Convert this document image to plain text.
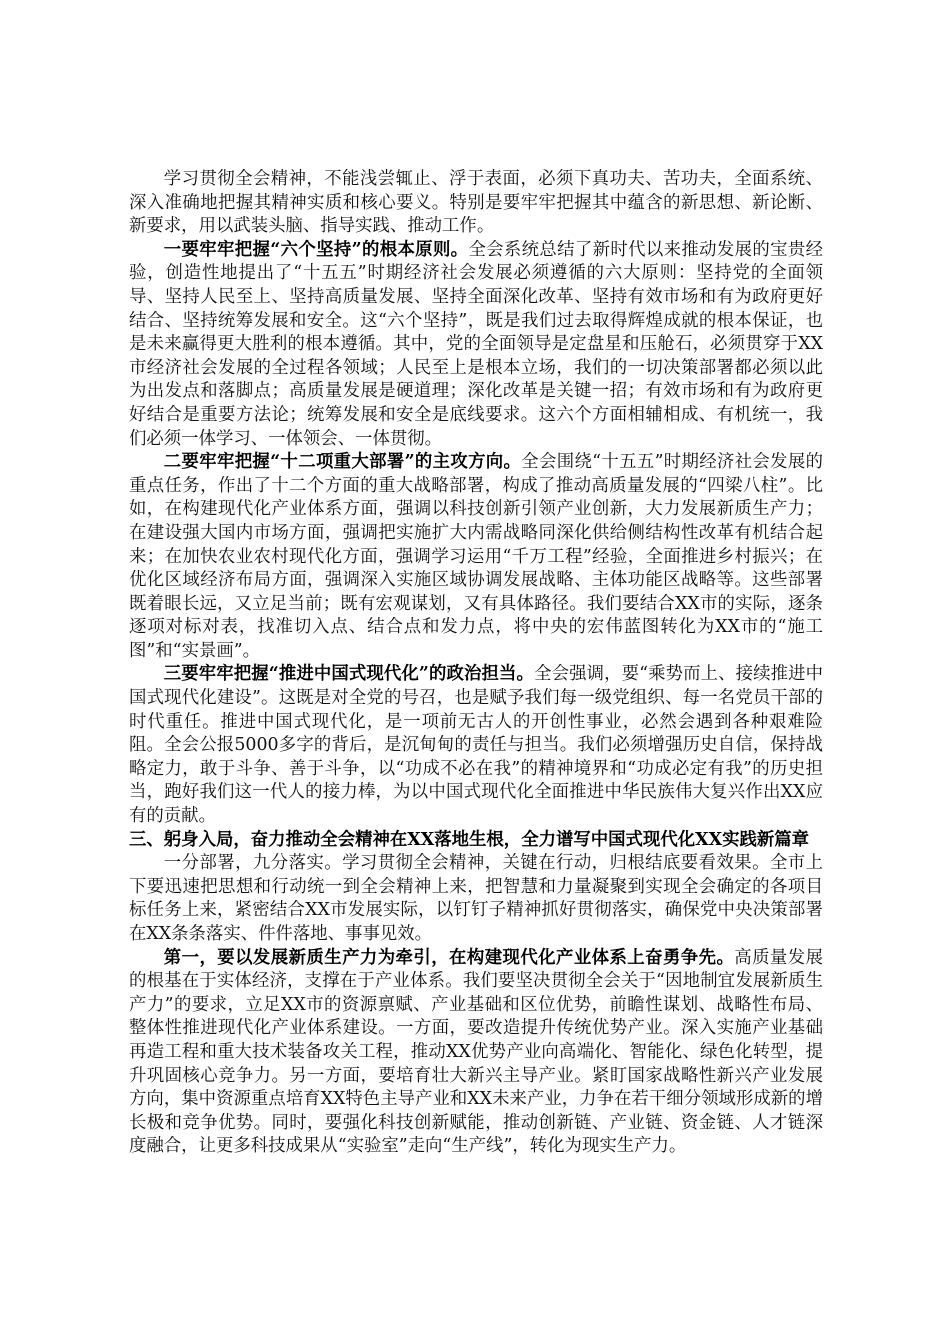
学习贯彻全会精神，不能浅尝辄止、浮于表面，必须下真功夫、苦功夫，全面系统、深入准确地把握其精神实质和核心要义。特别是要牢牢把握其中蕴含的新思想、新论断、新要求，用以武装头脑、指导实践、推动工作。

一要牢牢把握“六个坚持”的根本原则。全会系统总结了新时代以来推动发展的宝贵经验，创造性地提出了“十五五”时期经济社会发展必须遵循的六大原则：坚持党的全面领导、坚持人民至上、坚持高质量发展、坚持全面深化改革、坚持有效市场和有为政府更好结合、坚持统筹发展和安全。这“六个坚持”，既是我们过去取得辉煌成就的根本保证，也是未来赢得更大胜利的根本遵循。其中，党的全面领导是定盘星和压舱石，必须贯穿于XX市经济社会发展的全过程各领域；人民至上是根本立场，我们的一切决策部署都必须以此为出发点和落脚点；高质量发展是硬道理；深化改革是关键一招；有效市场和有为政府更好结合是重要方法论；统筹发展和安全是底线要求。这六个方面相辅相成、有机统一，我们必须一体学习、一体领会、一体贯彻。

二要牢牢把握“十二项重大部署”的主攻方向。全会围绕“十五五”时期经济社会发展的重点任务，作出了十二个方面的重大战略部署，构成了推动高质量发展的“四梁八柱”。比如，在构建现代化产业体系方面，强调以科技创新引领产业创新，大力发展新质生产力；在建设强大国内市场方面，强调把实施扩大内需战略同深化供给侧结构性改革有机结合起来；在加快农业农村现代化方面，强调学习运用“千万工程”经验，全面推进乡村振兴；在优化区域经济布局方面，强调深入实施区域协调发展战略、主体功能区战略等。这些部署既着眼长远，又立足当前；既有宏观谋划，又有具体路径。我们要结合XX市的实际，逐条逐项对标对表，找准切入点、结合点和发力点，将中央的宏伟蓝图转化为XX市的“施工图”和“实景画”。

三要牢牢把握“推进中国式现代化”的政治担当。全会强调，要“乘势而上、接续推进中国式现代化建设”。这既是对全党的号召，也是赋予我们每一级党组织、每一名党员干部的时代重任。推进中国式现代化，是一项前无古人的开创性事业，必然会遇到各种艰难险阻。全会公报5000多字的背后，是沉甸甸的责任与担当。我们必须增强历史自信，保持战略定力，敢于斗争、善于斗争，以“功成不必在我”的精神境界和“功成必定有我”的历史担当，跑好我们这一代人的接力棒，为以中国式现代化全面推进中华民族伟大复兴作出XX应有的贡献。

三、躬身入局，奋力推动全会精神在XX落地生根，全力谱写中国式现代化XX实践新篇章

一分部署，九分落实。学习贯彻全会精神，关键在行动，归根结底要看效果。全市上下要迅速把思想和行动统一到全会精神上来，把智慧和力量凝聚到实现全会确定的各项目标任务上来，紧密结合XX市发展实际，以钉钉子精神抓好贯彻落实，确保党中央决策部署在XX条条落实、件件落地、事事见效。

第一，要以发展新质生产力为牵引，在构建现代化产业体系上奋勇争先。高质量发展的根基在于实体经济，支撑在于产业体系。我们要坚决贯彻全会关于“因地制宜发展新质生产力”的要求，立足XX市的资源禀赋、产业基础和区位优势，前瞻性谋划、战略性布局、整体性推进现代化产业体系建设。一方面，要改造提升传统优势产业。深入实施产业基础再造工程和重大技术装备攻关工程，推动XX优势产业向高端化、智能化、绿色化转型，提升巩固核心竞争力。另一方面，要培育壮大新兴主导产业。紧盯国家战略性新兴产业发展方向，集中资源重点培育XX特色主导产业和XX未来产业，力争在若干细分领域形成新的增长极和竞争优势。同时，要强化科技创新赋能，推动创新链、产业链、资金链、人才链深度融合，让更多科技成果从“实验室”走向“生产线”，转化为现实生产力。
